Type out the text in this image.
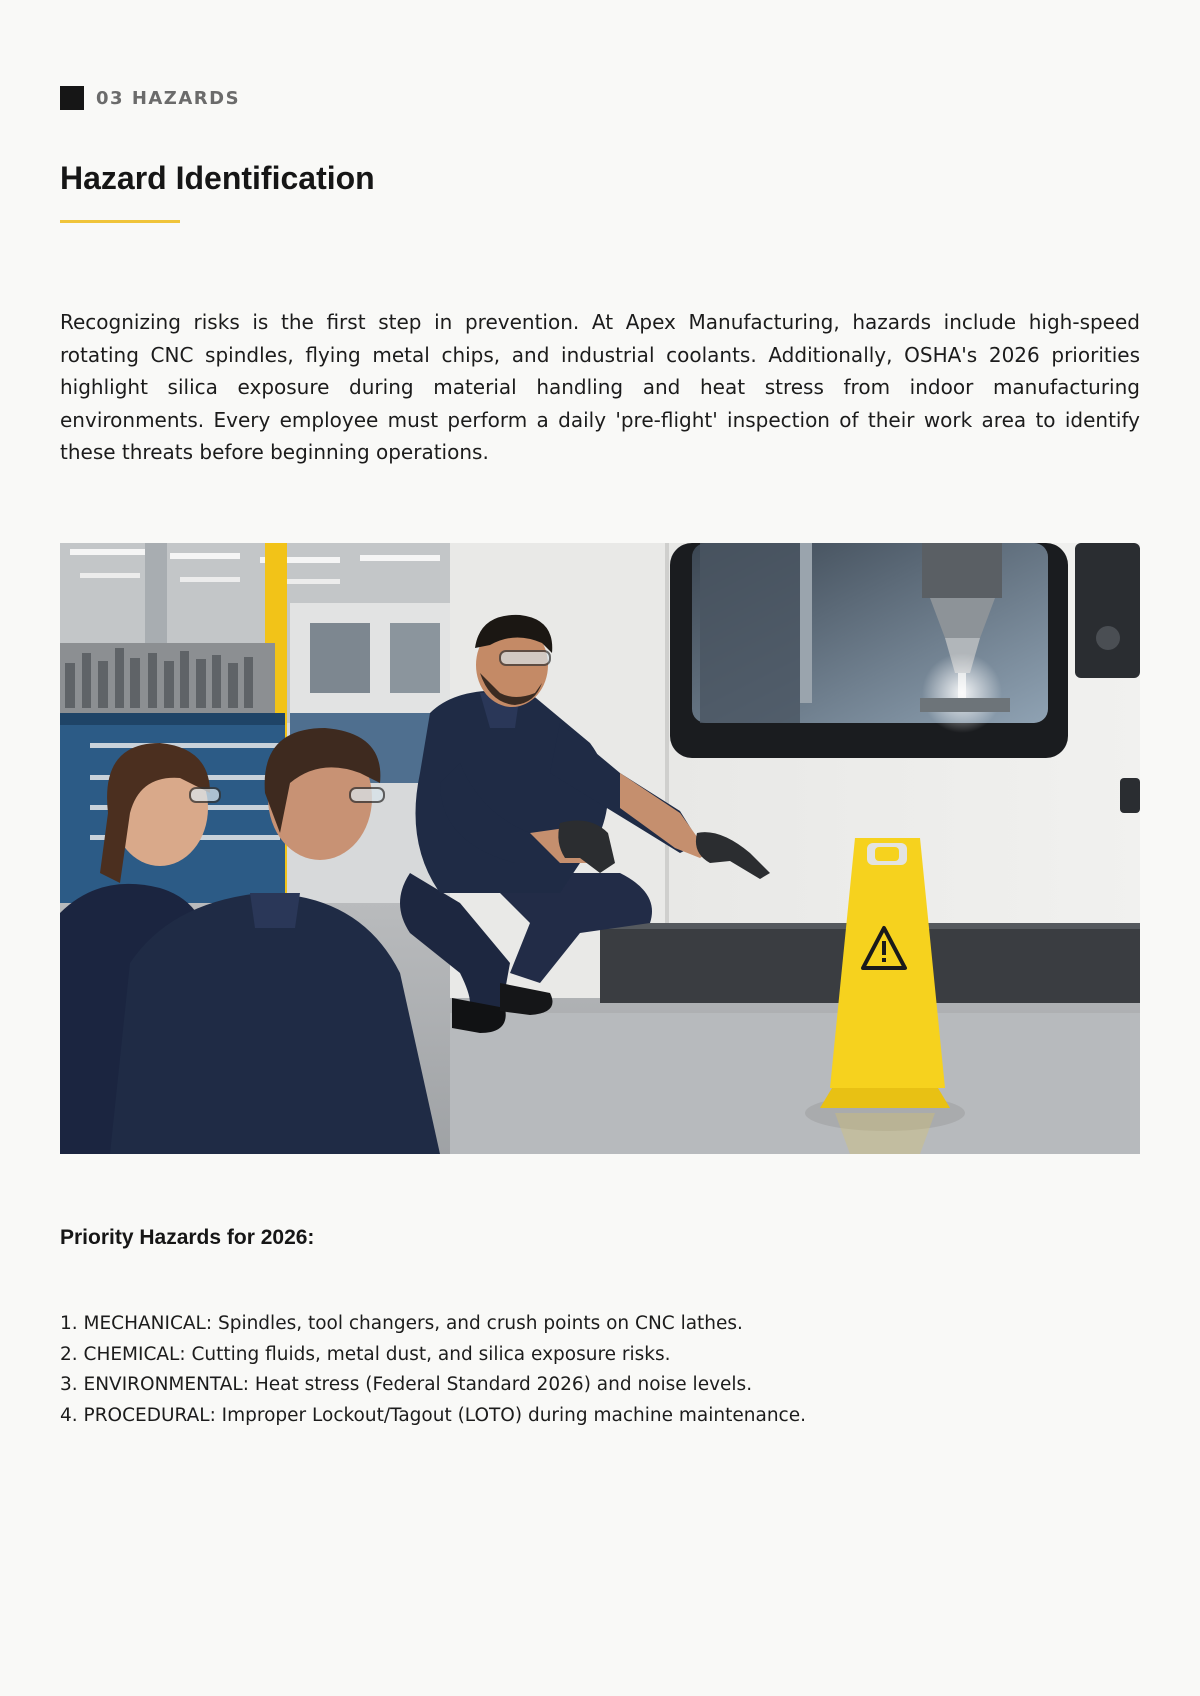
03 HAZARDS
Hazard Identification

Recognizing risks is the first step in prevention. At Apex Manufacturing, hazards include high-speed rotating CNC spindles, flying metal chips, and industrial coolants. Additionally, OSHA's 2026 priorities highlight silica exposure during material handling and heat stress from indoor manufacturing environments. Every employee must perform a daily 'pre-flight' inspection of their work area to identify these threats before beginning operations.

Priority Hazards for 2026:
1. MECHANICAL: Spindles, tool changers, and crush points on CNC lathes.
2. CHEMICAL: Cutting fluids, metal dust, and silica exposure risks.
3. ENVIRONMENTAL: Heat stress (Federal Standard 2026) and noise levels.
4. PROCEDURAL: Improper Lockout/Tagout (LOTO) during machine maintenance.
